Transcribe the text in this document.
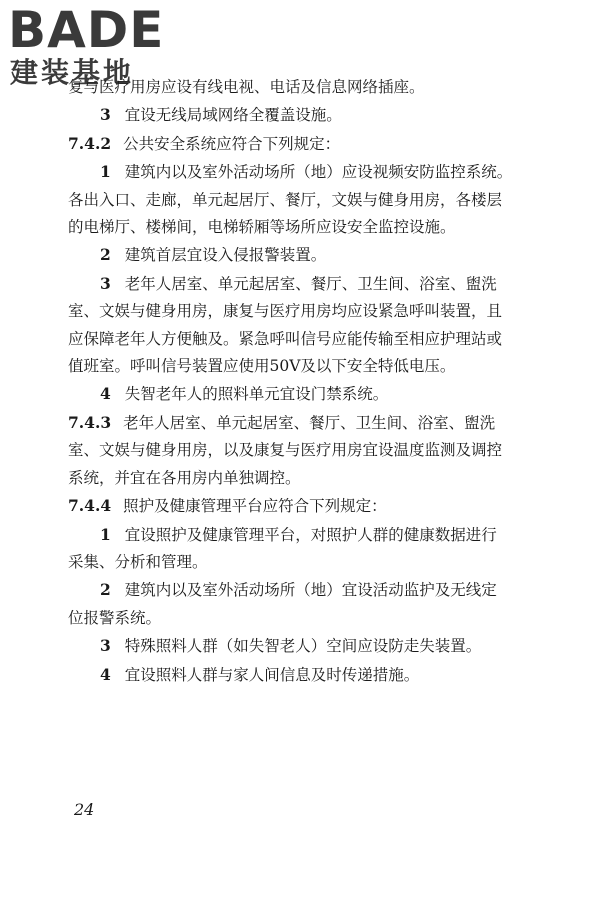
BADE
建装基地

复与医疗用房应设有线电视、电话及信息网络插座。

3 宜设无线局域网络全覆盖设施。

7.4.2 公共安全系统应符合下列规定：

1 建筑内以及室外活动场所（地）应设视频安防监控系统。

各出入口、走廊，单元起居厅、餐厅，文娱与健身用房，各楼层

的电梯厅、楼梯间，电梯轿厢等场所应设安全监控设施。

2 建筑首层宜设入侵报警装置。

3 老年人居室、单元起居室、餐厅、卫生间、浴室、盥洗

室、文娱与健身用房，康复与医疗用房均应设紧急呼叫装置，且

应保障老年人方便触及。紧急呼叫信号应能传输至相应护理站或

值班室。呼叫信号装置应使用50V及以下安全特低电压。

4 失智老年人的照料单元宜设门禁系统。

7.4.3 老年人居室、单元起居室、餐厅、卫生间、浴室、盥洗

室、文娱与健身用房，以及康复与医疗用房宜设温度监测及调控

系统，并宜在各用房内单独调控。

7.4.4 照护及健康管理平台应符合下列规定：

1 宜设照护及健康管理平台，对照护人群的健康数据进行

采集、分析和管理。

2 建筑内以及室外活动场所（地）宜设活动监护及无线定

位报警系统。

3 特殊照料人群（如失智老人）空间应设防走失装置。

4 宜设照料人群与家人间信息及时传递措施。

24
